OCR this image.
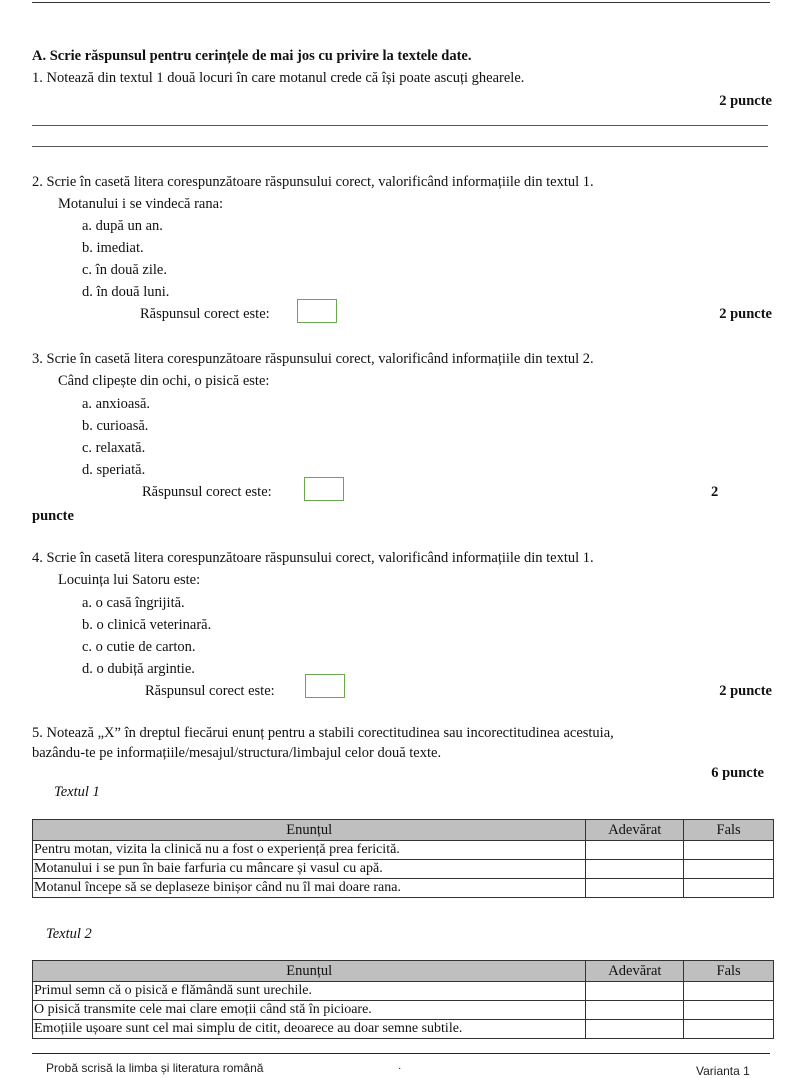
A. Scrie răspunsul pentru cerințele de mai jos cu privire la textele date.
1. Notează din textul 1 două locuri în care motanul crede că își poate ascuți ghearele.
2 puncte
2. Scrie în casetă litera corespunzătoare răspunsului corect, valorificând informațiile din textul 1.
Motanului i se vindecă rana:
a. după un an.
b. imediat.
c. în două zile.
d. în două luni.
Răspunsul corect este:	2 puncte
3. Scrie în casetă litera corespunzătoare răspunsului corect, valorificând informațiile din textul 2.
Când clipește din ochi, o pisică este:
a. anxioasă.
b. curioasă.
c. relaxată.
d. speriată.
Răspunsul corect este:	2
puncte
4. Scrie în casetă litera corespunzătoare răspunsului corect, valorificând informațiile din textul 1.
Locuința lui Satoru este:
a. o casă îngrijită.
b. o clinică veterinară.
c. o cutie de carton.
d. o dubiță argintie.
Răspunsul corect este:	2 puncte
5. Notează „X” în dreptul fiecărui enunț pentru a stabili corectitudinea sau incorectitudinea acestuia,
bazându-te pe informațiile/mesajul/structura/limbajul celor două texte.
6 puncte
Textul 1
Enunțul	Adevărat	Fals
Pentru motan, vizita la clinică nu a fost o experiență prea fericită.		
Motanului i se pun în baie farfuria cu mâncare și vasul cu apă.		
Motanul începe să se deplaseze binișor când nu îl mai doare rana.		
Textul 2
Enunțul	Adevărat	Fals
Primul semn că o pisică e flămândă sunt urechile.		
O pisică transmite cele mai clare emoții când stă în picioare.		
Emoțiile ușoare sunt cel mai simplu de citit, deoarece au doar semne subtile.		
Probă scrisă la limba și literatura română	·	Varianta 1
